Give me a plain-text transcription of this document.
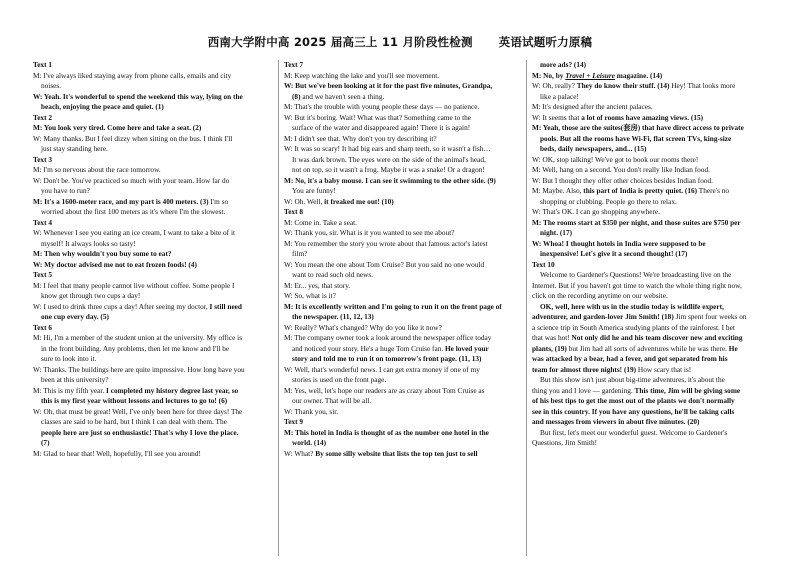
西南大学附中高 2025 届高三上 11 月阶段性检测 英语试题听力原稿
Text 1
M: I've always liked staying away from phone calls, emails and city
noises.
W: Yeah. It's wonderful to spend the weekend this way, lying on the
beach, enjoying the peace and quiet. (1)
Text 2
M: You look very tired. Come here and take a seat. (2)
W: Many thanks. But I feel dizzy when sitting on the bus. I think I'll
just stay standing here.
Text 3
M: I'm so nervous about the race tomorrow.
W: Don't be. You've practiced so much with your team. How far do
you have to run?
M: It's a 1600-meter race, and my part is 400 meters. (3) I'm so
worried about the first 100 meters as it's where I'm the slowest.
Text 4
W: Whenever I see you eating an ice cream, I want to take a bite of it
myself! It always looks so tasty!
M: Then why wouldn't you buy some to eat?
W: My doctor advised me not to eat frozen foods! (4)
Text 5
M: I feel that many people cannot live without coffee. Some people I
know get through two cups a day!
W: I used to drink three cups a day! After seeing my doctor, I still need
one cup every day. (5)
Text 6
M: Hi, I'm a member of the student union at the university. My office is
in the front building. Any problems, then let me know and I'll be
sure to look into it.
W: Thanks. The buildings here are quite impressive. How long have you
been at this university?
M: This is my fifth year. I completed my history degree last year, so
this is my first year without lessons and lectures to go to! (6)
W: Oh, that must be great! Well, I've only been here for three days! The
classes are said to be hard, but I think I can deal with them. The
people here are just so enthusiastic! That's why I love the place.
(7)
M: Glad to hear that! Well, hopefully, I'll see you around!
Text 7
M: Keep watching the lake and you'll see movement.
W: But we've been looking at it for the past five minutes, Grandpa,
(8) and we haven't seen a thing.
M: That's the trouble with young people these days — no patience.
W: But it's boring. Wait! What was that? Something came to the
surface of the water and disappeared again! There it is again!
M: I didn't see that. Why don't you try describing it?
W: It was so scary! It had big ears and sharp teeth, so it wasn't a fish…
It was dark brown. The eyes were on the side of the animal's head,
not on top, so it wasn't a frog. Maybe it was a snake! Or a dragon!
M: No, it's a baby mouse. I can see it swimming to the other side. (9)
You are funny!
W: Oh. Well, it freaked me out! (10)
Text 8
M: Come in. Take a seat.
W: Thank you, sir. What is it you wanted to see me about?
M: You remember the story you wrote about that famous actor's latest
film?
W: You mean the one about Tom Cruise? But you said no one would
want to read such old news.
M: Er... yes, that story.
W: So, what is it?
M: It is excellently written and I'm going to run it on the front page of
the newspaper. (11, 12, 13)
W: Really? What's changed? Why do you like it now?
M: The company owner took a look around the newspaper office today
and noticed your story. He's a huge Tom Cruise fan. He loved your
story and told me to run it on tomorrow's front page. (11, 13)
W: Well, that's wonderful news. I can get extra money if one of my
stories is used on the front page.
M: Yes, well, let's hope our readers are as crazy about Tom Cruise as
our owner. That will be all.
W: Thank you, sir.
Text 9
M: This hotel in India is thought of as the number one hotel in the
world. (14)
W: What? By some silly website that lists the top ten just to sell
more ads? (14)
M: No, by Travel + Leisure magazine. (14)
W: Oh, really? They do know their stuff. (14) Hey! That looks more
like a palace!
M: It's designed after the ancient palaces.
W: It seems that a lot of rooms have amazing views. (15)
M: Yeah, those are the suites(套房) that have direct access to private
pools. But all the rooms have Wi-Fi, flat screen TVs, king-size
beds, daily newspapers, and... (15)
W: OK, stop talking! We've got to book our rooms there!
M: Well, hang on a second. You don't really like Indian food.
W: But I thought they offer other choices besides Indian food.
M: Maybe. Also, this part of India is pretty quiet. (16) There's no
shopping or clubbing. People go there to relax.
W: That's OK. I can go shopping anywhere.
M: The rooms start at $350 per night, and those suites are $750 per
night. (17)
W: Whoa! I thought hotels in India were supposed to be
inexpensive! Let's give it a second thought! (17)
Text 10
Welcome to Gardener's Questions! We're broadcasting live on the
Internet. But if you haven't got time to watch the whole thing right now,
click on the recording anytime on our website.
OK, well, here with us in the studio today is wildlife expert,
adventurer, and garden-lover Jim Smith! (18) Jim spent four weeks on
a science trip in South America studying plants of the rainforest. I bet
that was hot! Not only did he and his team discover new and exciting
plants, (19) but Jim had all sorts of adventures while he was there. He
was attacked by a bear, had a fever, and got separated from his
team for almost three nights! (19) How scary that is!
But this show isn't just about big-time adventures, it's about the
thing you and I love — gardening. This time, Jim will be giving some
of his best tips to get the most out of the plants we don't normally
see in this country. If you have any questions, he'll be taking calls
and messages from viewers in about five minutes. (20)
But first, let's meet our wonderful guest. Welcome to Gardener's
Questions, Jim Smith!
